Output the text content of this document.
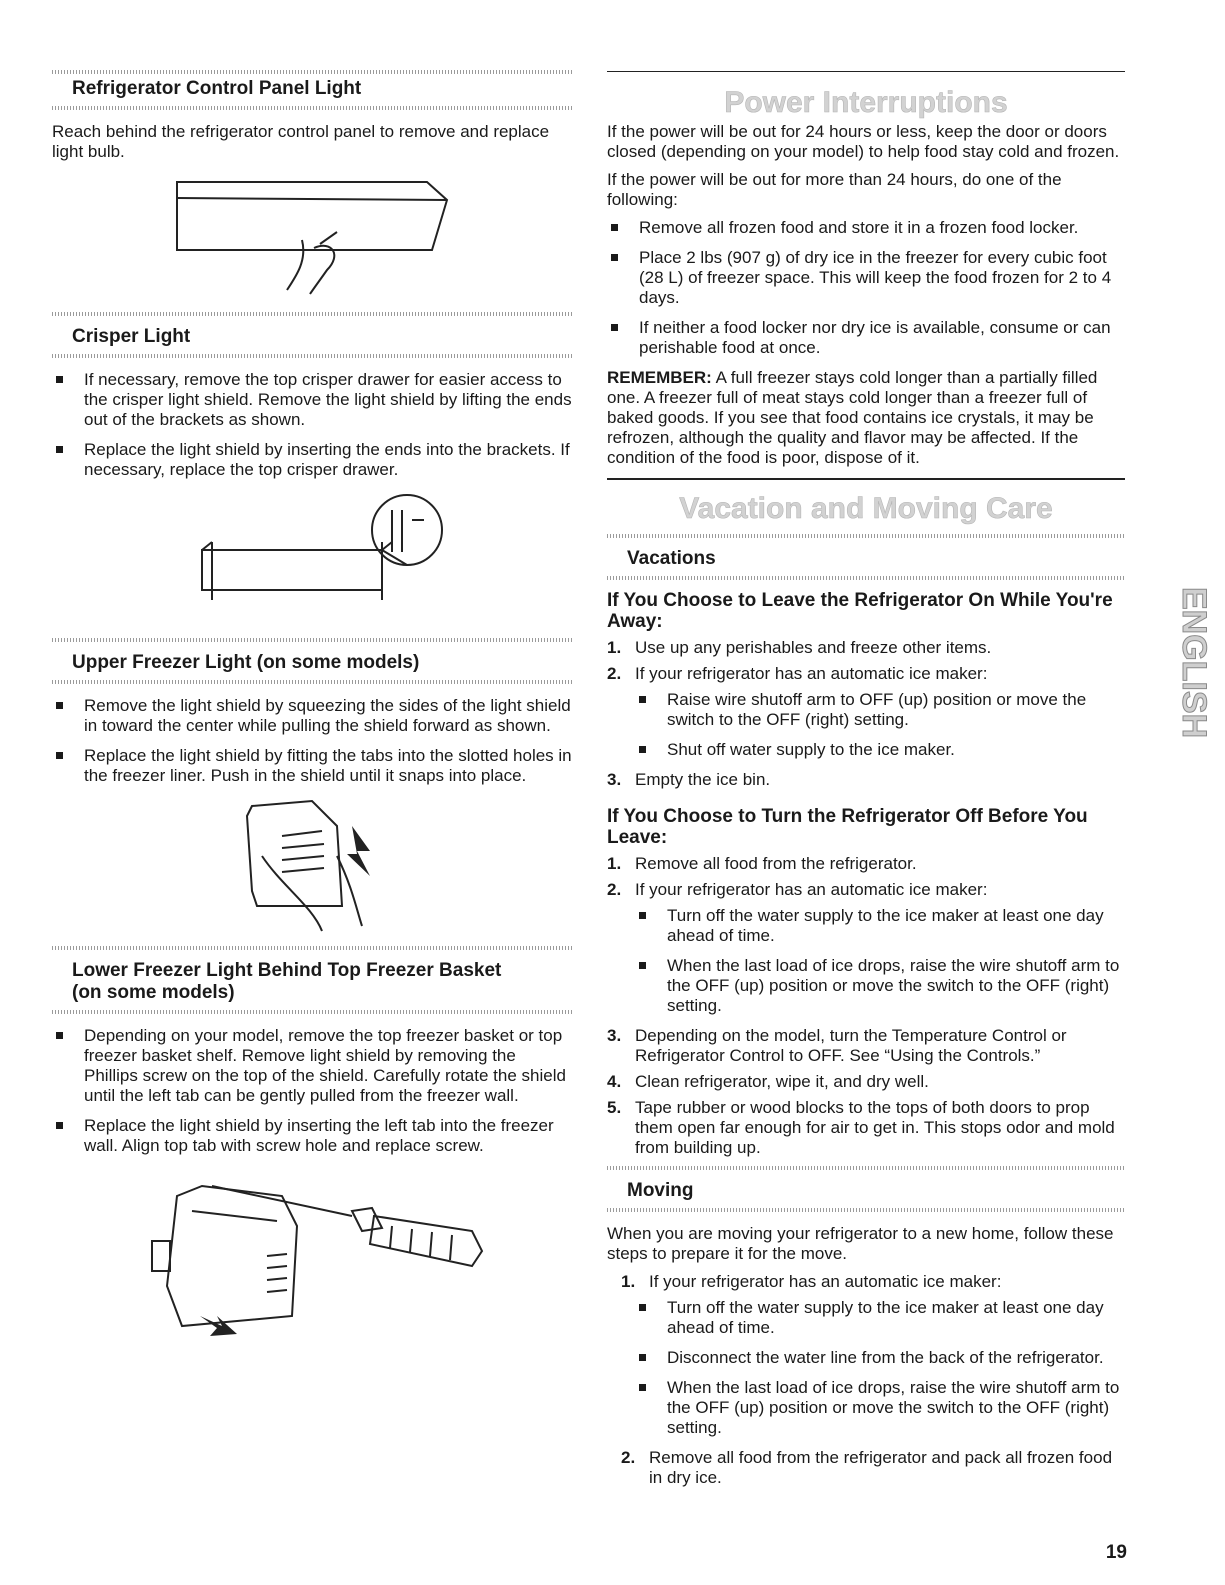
Refrigerator Control Panel Light

Reach behind the refrigerator control panel to remove and replace light bulb.

Crisper Light
If necessary, remove the top crisper drawer for easier access to the crisper light shield. Remove the light shield by lifting the ends out of the brackets as shown.
Replace the light shield by inserting the ends into the brackets. If necessary, replace the top crisper drawer.
Upper Freezer Light (on some models)
Remove the light shield by squeezing the sides of the light shield in toward the center while pulling the shield forward as shown.
Replace the light shield by fitting the tabs into the slotted holes in the freezer liner. Push in the shield until it snaps into place.
Lower Freezer Light Behind Top Freezer Basket (on some models)
Depending on your model, remove the top freezer basket or top freezer basket shelf. Remove light shield by removing the Phillips screw on the top of the shield. Carefully rotate the shield until the left tab can be gently pulled from the freezer wall.
Replace the light shield by inserting the left tab into the freezer wall. Align top tab with screw hole and replace screw.
Power Interruptions

If the power will be out for 24 hours or less, keep the door or doors closed (depending on your model) to help food stay cold and frozen.

If the power will be out for more than 24 hours, do one of the following:

Remove all frozen food and store it in a frozen food locker.
Place 2 lbs (907 g) of dry ice in the freezer for every cubic foot (28 L) of freezer space. This will keep the food frozen for 2 to 4 days.
If neither a food locker nor dry ice is available, consume or can perishable food at once.

REMEMBER: A full freezer stays cold longer than a partially filled one. A freezer full of meat stays cold longer than a freezer full of baked goods. If you see that food contains ice crystals, it may be refrozen, although the quality and flavor may be affected. If the condition of the food is poor, dispose of it.

Vacation and Moving Care
Vacations
If You Choose to Leave the Refrigerator On While You're Away:
1. Use up any perishables and freeze other items.
2. If your refrigerator has an automatic ice maker:
Raise wire shutoff arm to OFF (up) position or move the switch to the OFF (right) setting.
Shut off water supply to the ice maker.
3. Empty the ice bin.
If You Choose to Turn the Refrigerator Off Before You Leave:
1. Remove all food from the refrigerator.
2. If your refrigerator has an automatic ice maker:
Turn off the water supply to the ice maker at least one day ahead of time.
When the last load of ice drops, raise the wire shutoff arm to the OFF (up) position or move the switch to the OFF (right) setting.
3. Depending on the model, turn the Temperature Control or Refrigerator Control to OFF. See “Using the Controls.”
4. Clean refrigerator, wipe it, and dry well.
5. Tape rubber or wood blocks to the tops of both doors to prop them open far enough for air to get in. This stops odor and mold from building up.
Moving

When you are moving your refrigerator to a new home, follow these steps to prepare it for the move.

1. If your refrigerator has an automatic ice maker:
Turn off the water supply to the ice maker at least one day ahead of time.
Disconnect the water line from the back of the refrigerator.
When the last load of ice drops, raise the wire shutoff arm to the OFF (up) position or move the switch to the OFF (right) setting.
2. Remove all food from the refrigerator and pack all frozen food in dry ice.
ENGLISH
19
